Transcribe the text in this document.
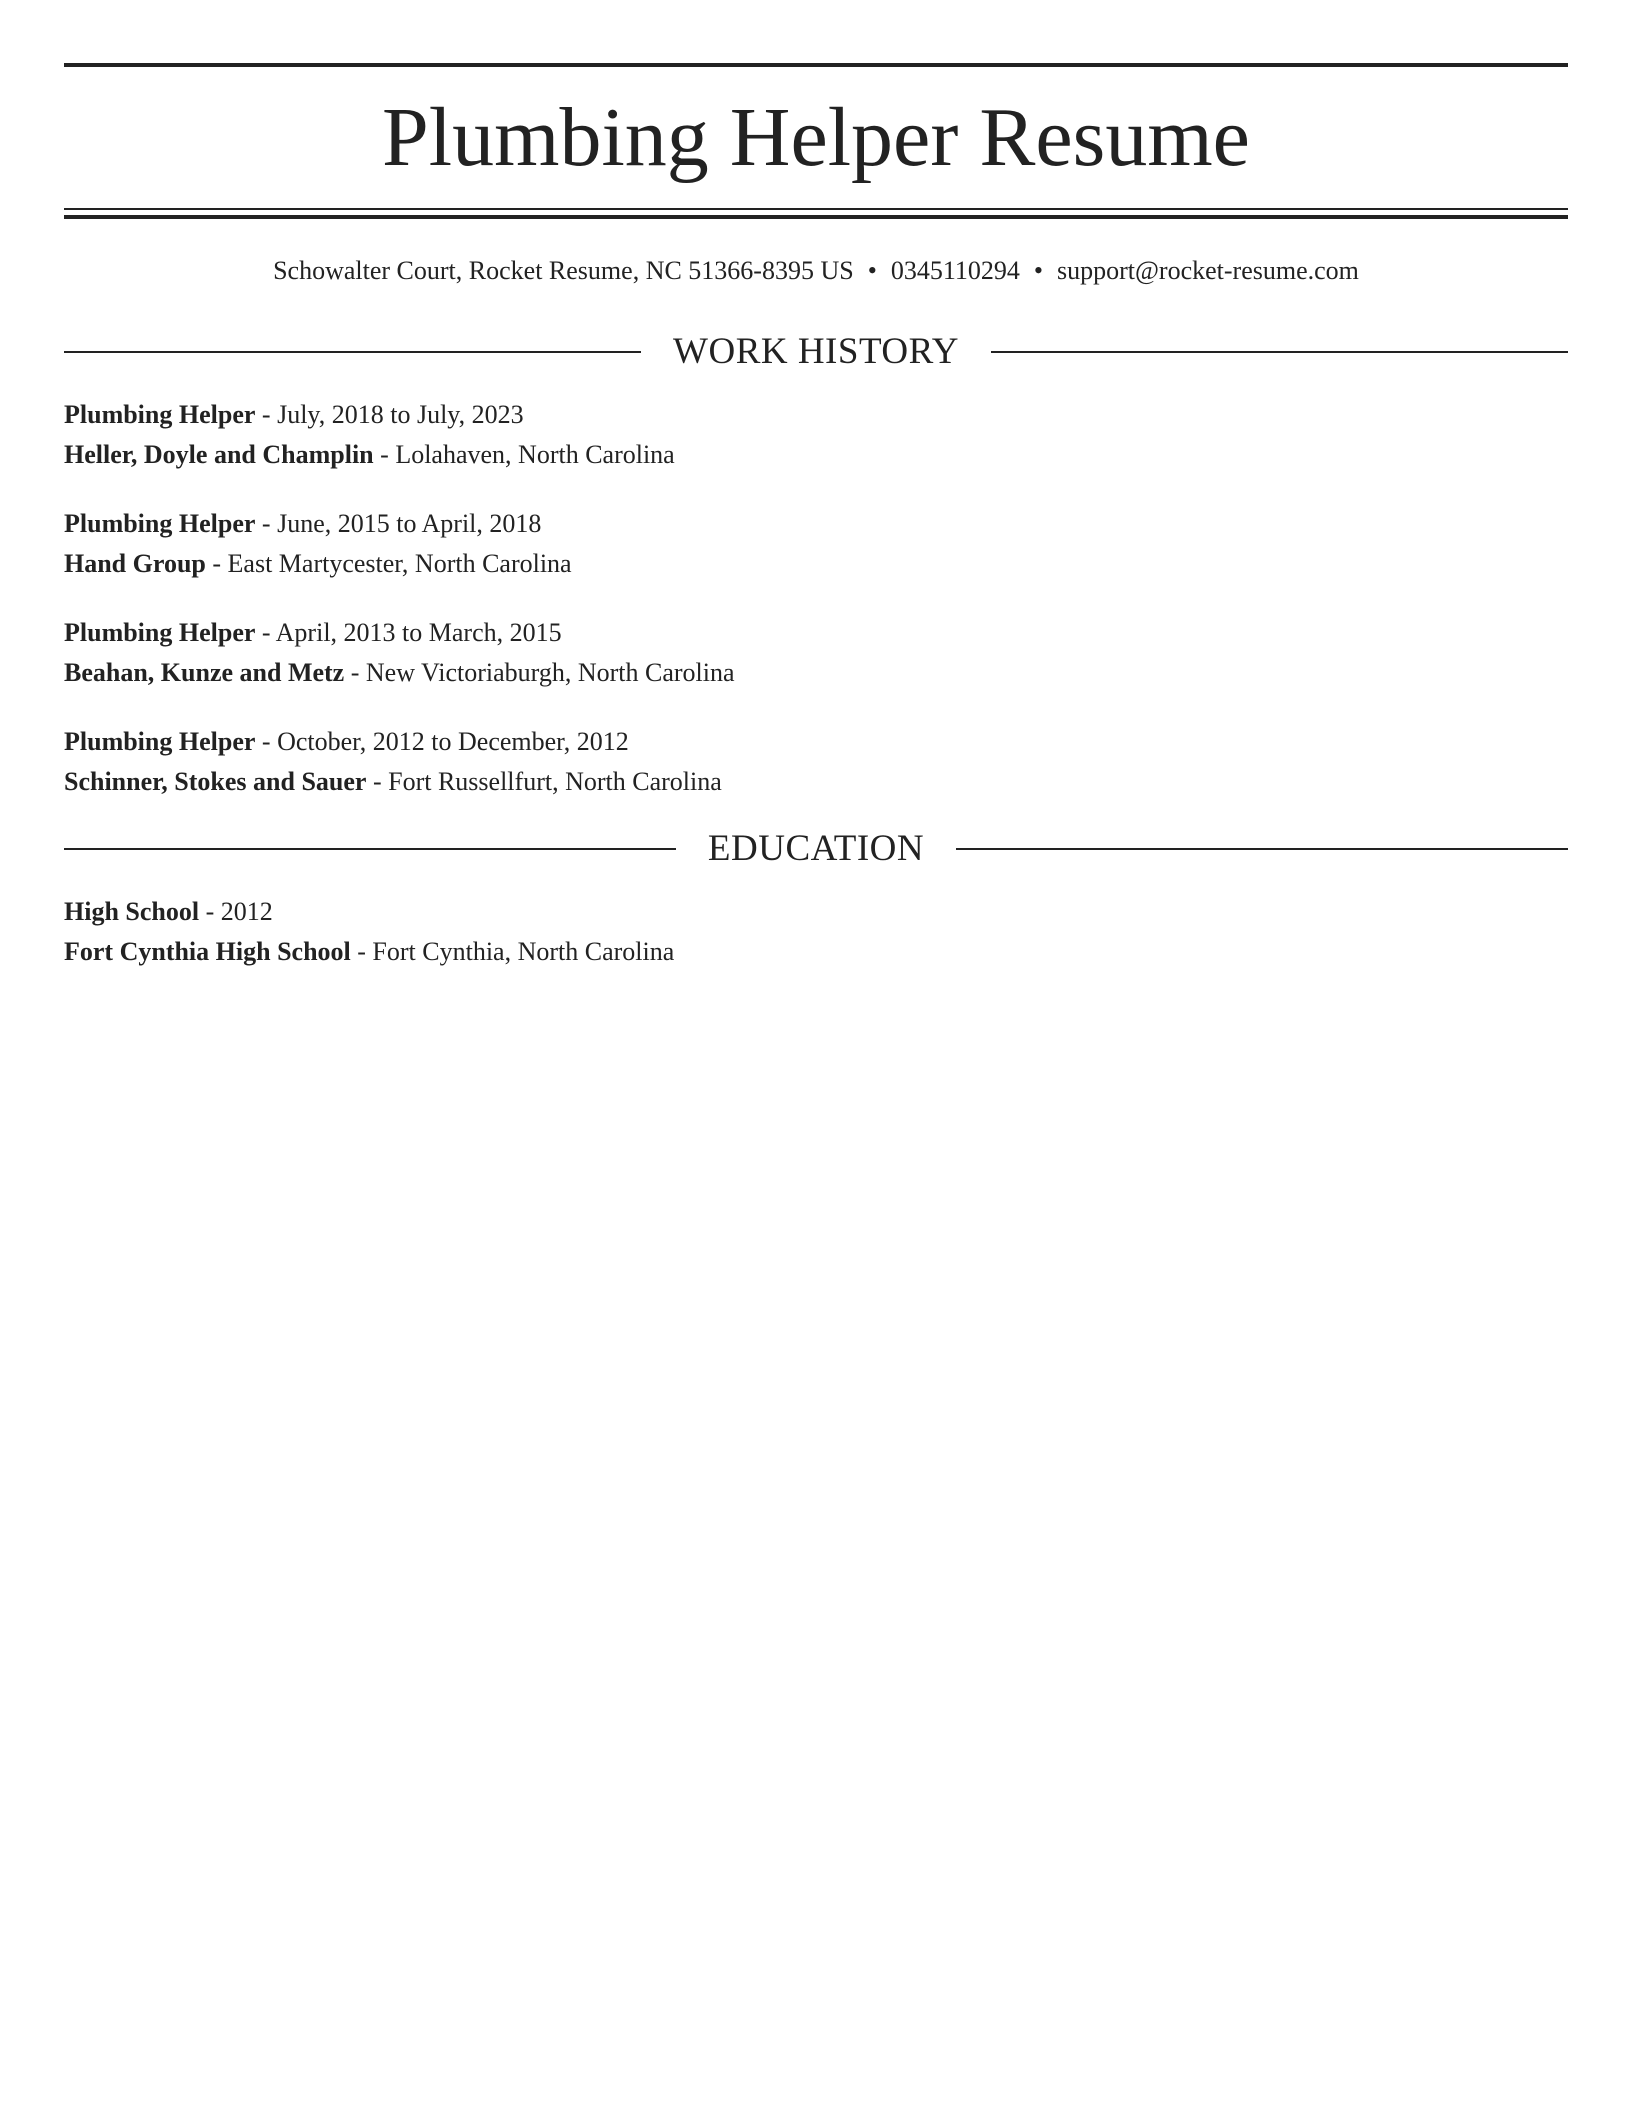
Plumbing Helper Resume
Schowalter Court, Rocket Resume, NC 51366-8395 US • 0345110294 • support@rocket-resume.com
WORK HISTORY
Plumbing Helper - July, 2018 to July, 2023
Heller, Doyle and Champlin - Lolahaven, North Carolina
Plumbing Helper - June, 2015 to April, 2018
Hand Group - East Martycester, North Carolina
Plumbing Helper - April, 2013 to March, 2015
Beahan, Kunze and Metz - New Victoriaburgh, North Carolina
Plumbing Helper - October, 2012 to December, 2012
Schinner, Stokes and Sauer - Fort Russellfurt, North Carolina
EDUCATION
High School - 2012
Fort Cynthia High School - Fort Cynthia, North Carolina
